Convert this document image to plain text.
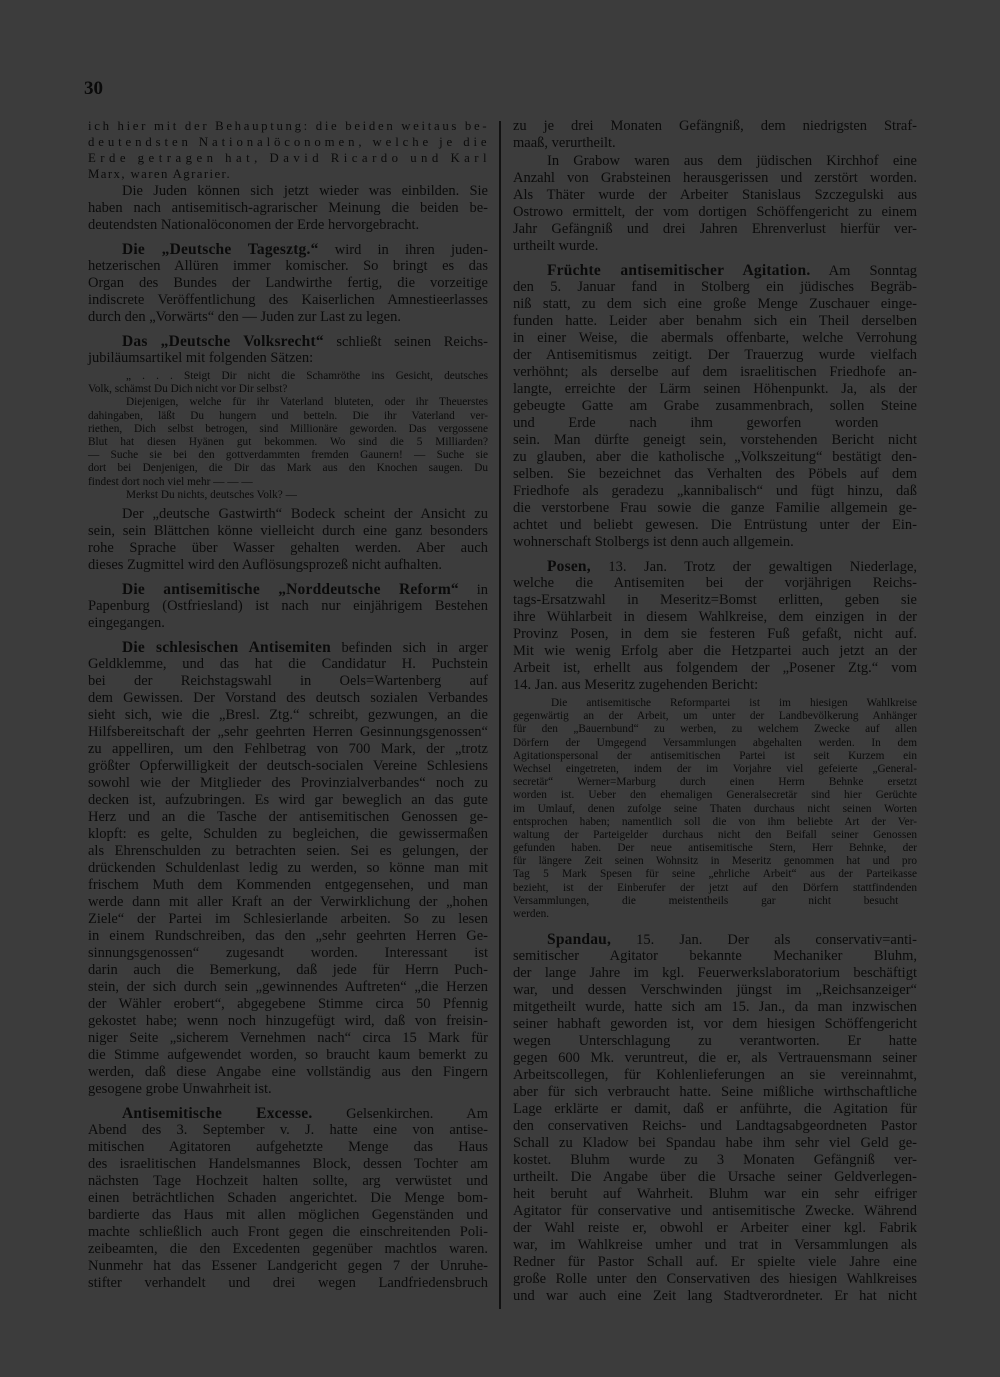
30
ich hier mit der Behauptung: die beiden weitaus be-
deutendsten Nationalöconomen, welche je die
Erde getragen hat, David Ricardo und Karl
Marx, waren Agrarier.
Die Juden können sich jetzt wieder was einbilden. Sie
haben nach antisemitisch-agrarischer Meinung die beiden be-
deutendsten Nationalöconomen der Erde hervorgebracht.
Die „Deutsche Tagesztg.“ wird in ihren juden-
hetzerischen Allüren immer komischer. So bringt es das
Organ des Bundes der Landwirthe fertig, die vorzeitige
indiscrete Veröffentlichung des Kaiserlichen Amnestieerlasses
durch den „Vorwärts“ den — Juden zur Last zu legen.
Das „Deutsche Volksrecht“ schließt seinen Reichs-
jubiläumsartikel mit folgenden Sätzen:
„ . . . Steigt Dir nicht die Schamröthe ins Gesicht, deutsches
Volk, schämst Du Dich nicht vor Dir selbst?
Diejenigen, welche für ihr Vaterland bluteten, oder ihr Theuerstes
dahingaben, läßt Du hungern und betteln. Die ihr Vaterland ver-
riethen, Dich selbst betrogen, sind Millionäre geworden. Das vergossene
Blut hat diesen Hyänen gut bekommen. Wo sind die 5 Milliarden?
— Suche sie bei den gottverdammten fremden Gaunern! — Suche sie
dort bei Denjenigen, die Dir das Mark aus den Knochen saugen. Du
findest dort noch viel mehr — — —
Merkst Du nichts, deutsches Volk? —
Der „deutsche Gastwirth“ Bodeck scheint der Ansicht zu
sein, sein Blättchen könne vielleicht durch eine ganz besonders
rohe Sprache über Wasser gehalten werden. Aber auch
dieses Zugmittel wird den Auflösungsprozeß nicht aufhalten.
Die antisemitische „Norddeutsche Reform“ in
Papenburg (Ostfriesland) ist nach nur einjährigem Bestehen
eingegangen.
Die schlesischen Antisemiten befinden sich in arger
Geldklemme, und das hat die Candidatur H. Puchstein
bei der Reichstagswahl in Oels=Wartenberg auf
dem Gewissen. Der Vorstand des deutsch sozialen Verbandes
sieht sich, wie die „Bresl. Ztg.“ schreibt, gezwungen, an die
Hilfsbereitschaft der „sehr geehrten Herren Gesinnungsgenossen“
zu appelliren, um den Fehlbetrag von 700 Mark, der „trotz
größter Opferwilligkeit der deutsch-socialen Vereine Schlesiens
sowohl wie der Mitglieder des Provinzialverbandes“ noch zu
decken ist, aufzubringen. Es wird gar beweglich an das gute
Herz und an die Tasche der antisemitischen Genossen ge-
klopft: es gelte, Schulden zu begleichen, die gewissermaßen
als Ehrenschulden zu betrachten seien. Sei es gelungen, der
drückenden Schuldenlast ledig zu werden, so könne man mit
frischem Muth dem Kommenden entgegensehen, und man
werde dann mit aller Kraft an der Verwirklichung der „hohen
Ziele“ der Partei im Schlesierlande arbeiten. So zu lesen
in einem Rundschreiben, das den „sehr geehrten Herren Ge-
sinnungsgenossen“ zugesandt worden. Interessant ist
darin auch die Bemerkung, daß jede für Herrn Puch-
stein, der sich durch sein „gewinnendes Auftreten“ „die Herzen
der Wähler erobert“, abgegebene Stimme circa 50 Pfennig
gekostet habe; wenn noch hinzugefügt wird, daß von freisin-
niger Seite „sicherem Vernehmen nach“ circa 15 Mark für
die Stimme aufgewendet worden, so braucht kaum bemerkt zu
werden, daß diese Angabe eine vollständig aus den Fingern
gesogene grobe Unwahrheit ist.
Antisemitische Excesse. Gelsenkirchen. Am
Abend des 3. September v. J. hatte eine von antise-
mitischen Agitatoren aufgehetzte Menge das Haus
des israelitischen Handelsmannes Block, dessen Tochter am
nächsten Tage Hochzeit halten sollte, arg verwüstet und
einen beträchtlichen Schaden angerichtet. Die Menge bom-
bardierte das Haus mit allen möglichen Gegenständen und
machte schließlich auch Front gegen die einschreitenden Poli-
zeibeamten, die den Excedenten gegenüber machtlos waren.
Nunmehr hat das Essener Landgericht gegen 7 der Unruhe-
stifter verhandelt und drei wegen Landfriedensbruch
zu je drei Monaten Gefängniß, dem niedrigsten Straf-
maaß, verurtheilt.
In Grabow waren aus dem jüdischen Kirchhof eine
Anzahl von Grabsteinen herausgerissen und zerstört worden.
Als Thäter wurde der Arbeiter Stanislaus Szczegulski aus
Ostrowo ermittelt, der vom dortigen Schöffengericht zu einem
Jahr Gefängniß und drei Jahren Ehrenverlust hierfür ver-
urtheilt wurde.
Früchte antisemitischer Agitation. Am Sonntag
den 5. Januar fand in Stolberg ein jüdisches Begräb-
niß statt, zu dem sich eine große Menge Zuschauer einge-
funden hatte. Leider aber benahm sich ein Theil derselben
in einer Weise, die abermals offenbarte, welche Verrohung
der Antisemitismus zeitigt. Der Trauerzug wurde vielfach
verhöhnt; als derselbe auf dem israelitischen Friedhofe an-
langte, erreichte der Lärm seinen Höhenpunkt. Ja, als der
gebeugte Gatte am Grabe zusammenbrach, sollen Steine
und Erde nach ihm geworfen worden
sein. Man dürfte geneigt sein, vorstehenden Bericht nicht
zu glauben, aber die katholische „Volkszeitung“ bestätigt den-
selben. Sie bezeichnet das Verhalten des Pöbels auf dem
Friedhofe als geradezu „kannibalisch“ und fügt hinzu, daß
die verstorbene Frau sowie die ganze Familie allgemein ge-
achtet und beliebt gewesen. Die Entrüstung unter der Ein-
wohnerschaft Stolbergs ist denn auch allgemein.
Posen, 13. Jan. Trotz der gewaltigen Niederlage,
welche die Antisemiten bei der vorjährigen Reichs-
tags-Ersatzwahl in Meseritz=Bomst erlitten, geben sie
ihre Wühlarbeit in diesem Wahlkreise, dem einzigen in der
Provinz Posen, in dem sie festeren Fuß gefaßt, nicht auf.
Mit wie wenig Erfolg aber die Hetzpartei auch jetzt an der
Arbeit ist, erhellt aus folgendem der „Posener Ztg.“ vom
14. Jan. aus Meseritz zugehenden Bericht:
Die antisemitische Reformpartei ist im hiesigen Wahlkreise
gegenwärtig an der Arbeit, um unter der Landbevölkerung Anhänger
für den „Bauernbund“ zu werben, zu welchem Zwecke auf allen
Dörfern der Umgegend Versammlungen abgehalten werden. In dem
Agitationspersonal der antisemitischen Partei ist seit Kurzem ein
Wechsel eingetreten, indem der im Vorjahre viel gefeierte „General-
secretär“ Werner=Marburg durch einen Herrn Behnke ersetzt
worden ist. Ueber den ehemaligen Generalsecretär sind hier Gerüchte
im Umlauf, denen zufolge seine Thaten durchaus nicht seinen Worten
entsprochen haben; namentlich soll die von ihm beliebte Art der Ver-
waltung der Parteigelder durchaus nicht den Beifall seiner Genossen
gefunden haben. Der neue antisemitische Stern, Herr Behnke, der
für längere Zeit seinen Wohnsitz in Meseritz genommen hat und pro
Tag 5 Mark Spesen für seine „ehrliche Arbeit“ aus der Parteikasse
bezieht, ist der Einberufer der jetzt auf den Dörfern stattfindenden
Versammlungen, die meistentheils gar nicht besucht
werden.
Spandau, 15. Jan. Der als conservativ=anti-
semitischer Agitator bekannte Mechaniker Bluhm,
der lange Jahre im kgl. Feuerwerkslaboratorium beschäftigt
war, und dessen Verschwinden jüngst im „Reichsanzeiger“
mitgetheilt wurde, hatte sich am 15. Jan., da man inzwischen
seiner habhaft geworden ist, vor dem hiesigen Schöffengericht
wegen Unterschlagung zu verantworten. Er hatte
gegen 600 Mk. veruntreut, die er, als Vertrauensmann seiner
Arbeitscollegen, für Kohlenlieferungen an sie vereinnahmt,
aber für sich verbraucht hatte. Seine mißliche wirthschaftliche
Lage erklärte er damit, daß er anführte, die Agitation für
den conservativen Reichs- und Landtagsabgeordneten Pastor
Schall zu Kladow bei Spandau habe ihm sehr viel Geld ge-
kostet. Bluhm wurde zu 3 Monaten Gefängniß ver-
urtheilt. Die Angabe über die Ursache seiner Geldverlegen-
heit beruht auf Wahrheit. Bluhm war ein sehr eifriger
Agitator für conservative und antisemitische Zwecke. Während
der Wahl reiste er, obwohl er Arbeiter einer kgl. Fabrik
war, im Wahlkreise umher und trat in Versammlungen als
Redner für Pastor Schall auf. Er spielte viele Jahre eine
große Rolle unter den Conservativen des hiesigen Wahlkreises
und war auch eine Zeit lang Stadtverordneter. Er hat nicht
